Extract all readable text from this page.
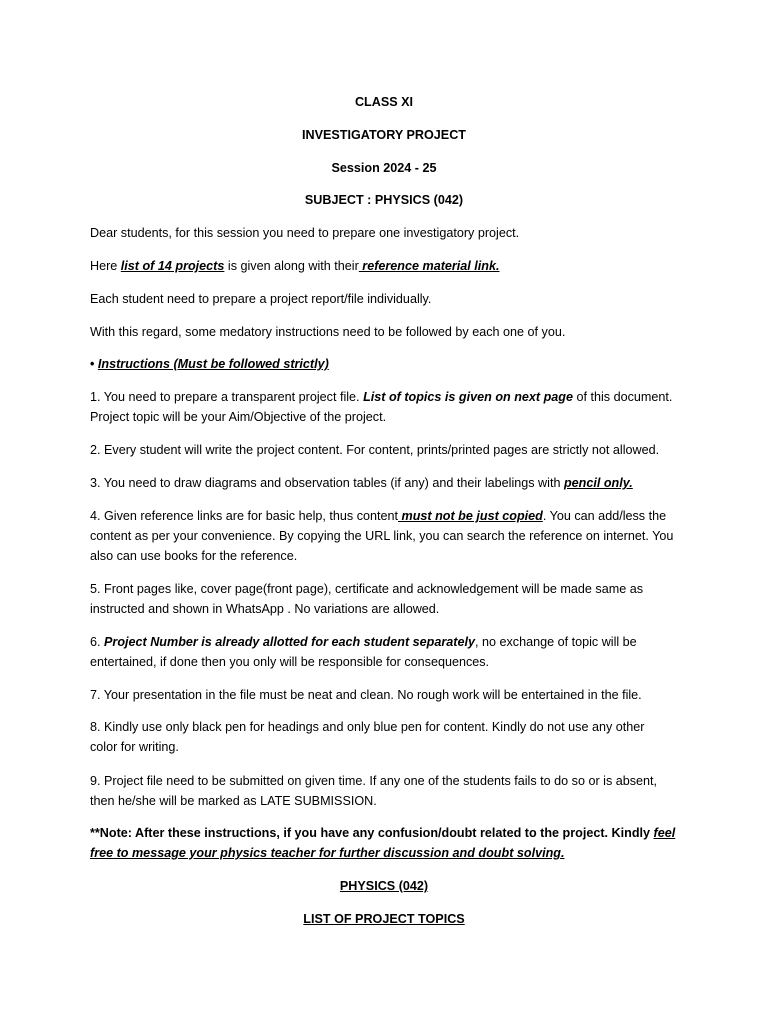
CLASS XI
INVESTIGATORY PROJECT
Session 2024 - 25
SUBJECT : PHYSICS (042)
Dear students, for this session you need to prepare one investigatory project.
Here list of 14 projects is given along with their reference material link.
Each student need to prepare a project report/file individually.
With this regard, some medatory instructions need to be followed by each one of you.
• Instructions (Must be followed strictly)
1. You need to prepare a transparent project file. List of topics is given on next page of this document.
Project topic will be your Aim/Objective of the project.
2. Every student will write the project content. For content, prints/printed pages are strictly not allowed.
3. You need to draw diagrams and observation tables (if any) and their labelings with pencil only.
4. Given reference links are for basic help, thus content must not be just copied. You can add/less the
content as per your convenience. By copying the URL link, you can search the reference on internet. You
also can use books for the reference.
5. Front pages like, cover page(front page), certificate and acknowledgement will be made same as
instructed and shown in WhatsApp . No variations are allowed.
6. Project Number is already allotted for each student separately, no exchange of topic will be
entertained, if done then you only will be responsible for consequences.
7. Your presentation in the file must be neat and clean. No rough work will be entertained in the file.
8. Kindly use only black pen for headings and only blue pen for content. Kindly do not use any other
color for writing.
9. Project file need to be submitted on given time. If any one of the students fails to do so or is absent,
then he/she will be marked as LATE SUBMISSION.
**Note: After these instructions, if you have any confusion/doubt related to the project. Kindly feel
free to message your physics teacher for further discussion and doubt solving.
PHYSICS (042)
LIST OF PROJECT TOPICS
